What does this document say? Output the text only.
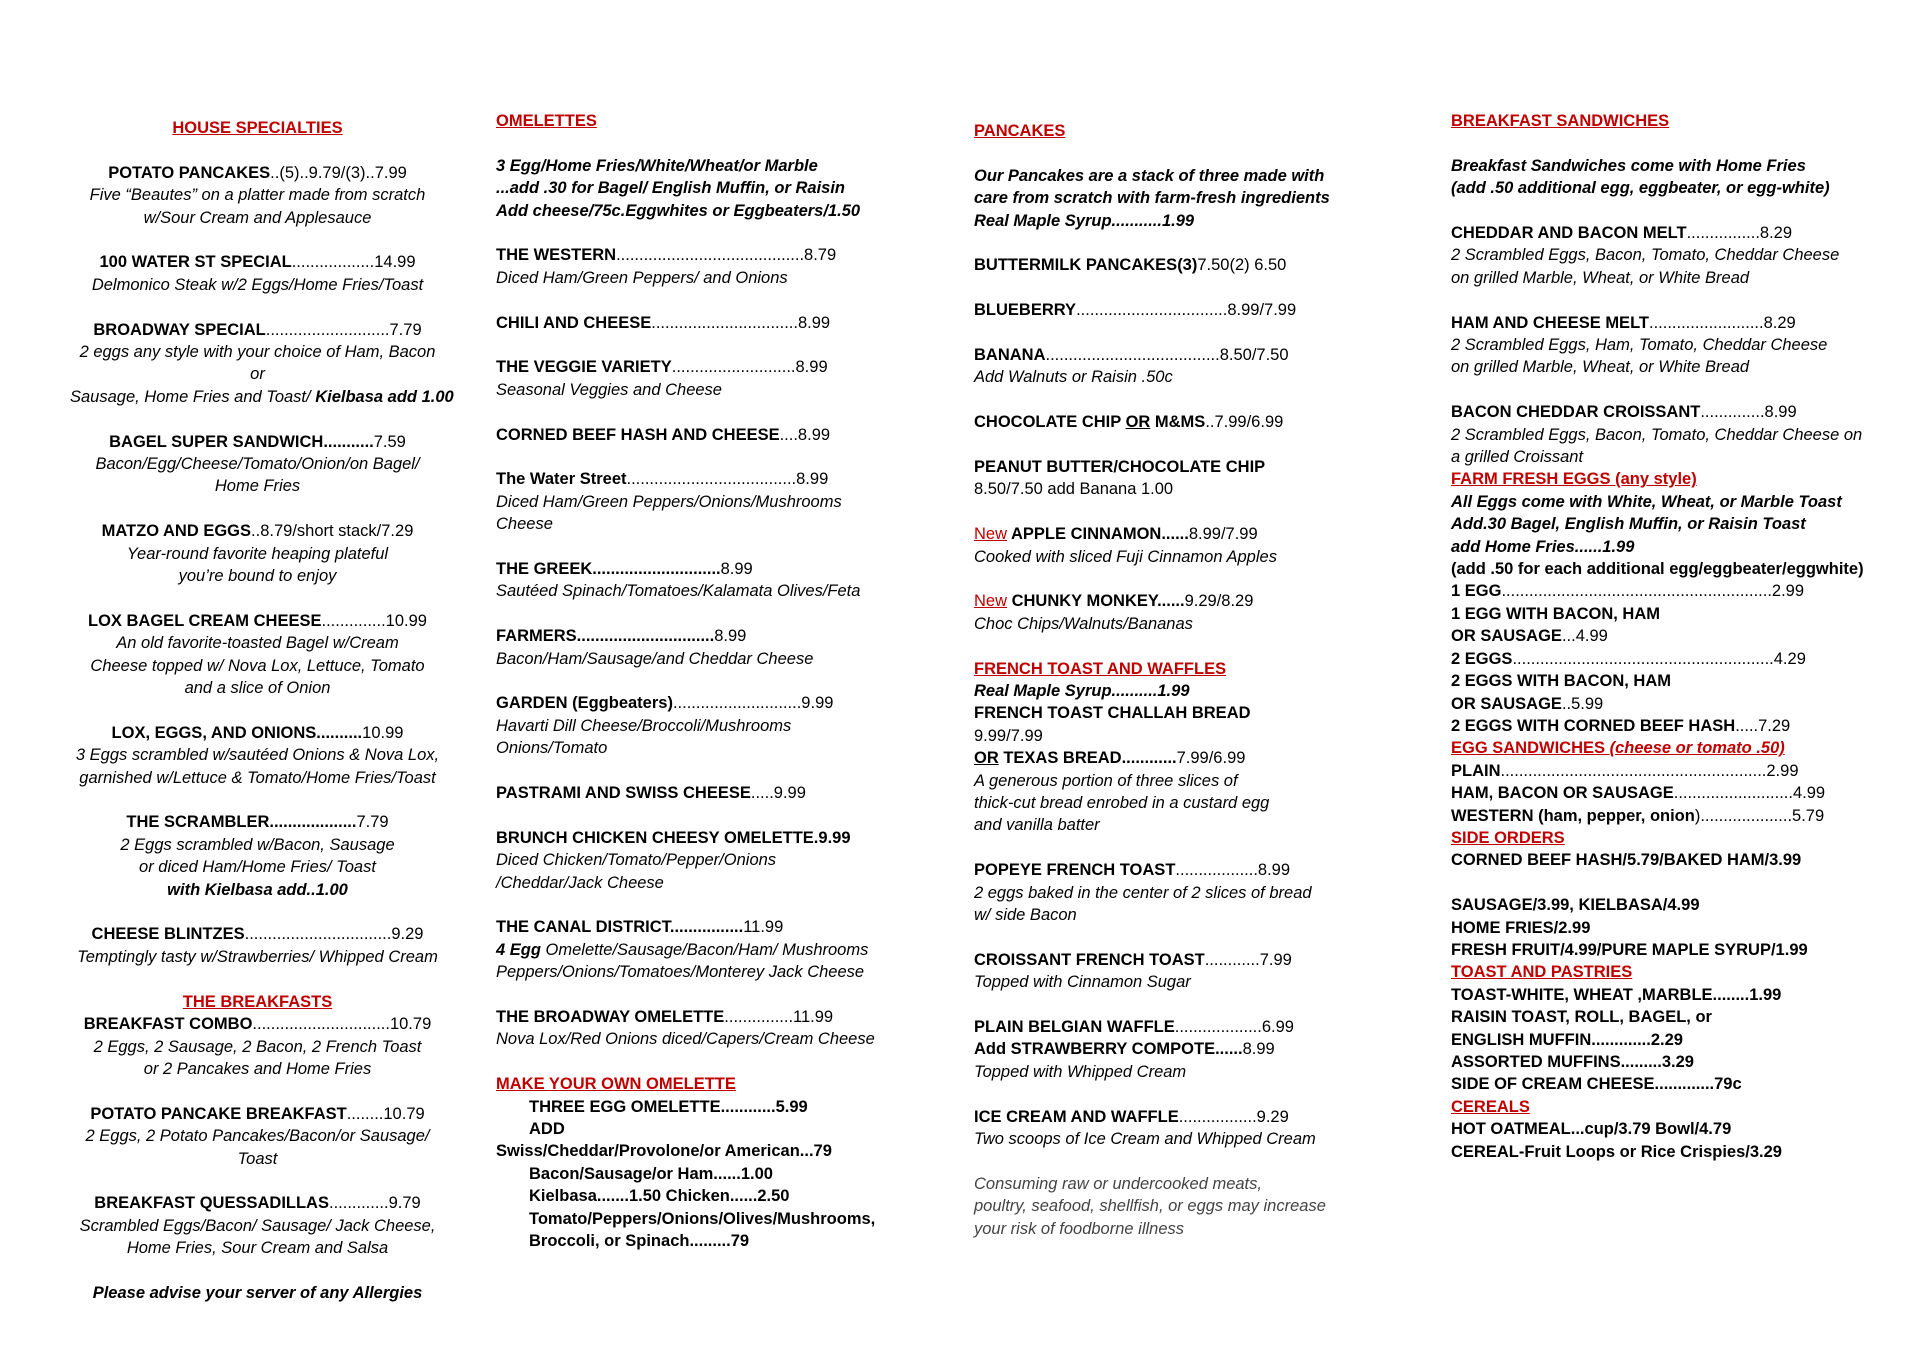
HOUSE SPECIALTIES
POTATO PANCAKES..(5)..9.79/(3)..7.99
Five “Beautes” on a platter made from scratch
w/Sour Cream and Applesauce
100 WATER ST SPECIAL..................14.99
Delmonico Steak w/2 Eggs/Home Fries/Toast
BROADWAY SPECIAL...........................7.79
2 eggs any style with your choice of Ham, Bacon or
Sausage, Home Fries and Toast/ Kielbasa add 1.00
BAGEL SUPER SANDWICH...........7.59
Bacon/Egg/Cheese/Tomato/Onion/on Bagel/
Home Fries
MATZO AND EGGS..8.79/short stack/7.29
Year-round favorite heaping plateful
you’re bound to enjoy
LOX BAGEL CREAM CHEESE..............10.99
An old favorite-toasted Bagel w/Cream
Cheese topped w/ Nova Lox, Lettuce, Tomato
and a slice of Onion
LOX, EGGS, AND ONIONS..........10.99
3 Eggs scrambled w/sautéed Onions & Nova Lox,
garnished w/Lettuce & Tomato/Home Fries/Toast
THE SCRAMBLER...................7.79
2 Eggs scrambled w/Bacon, Sausage
or diced Ham/Home Fries/ Toast
with Kielbasa add..1.00
CHEESE BLINTZES................................9.29
Temptingly tasty w/Strawberries/ Whipped Cream
THE BREAKFASTS
BREAKFAST COMBO..............................10.79
2 Eggs, 2 Sausage, 2 Bacon, 2 French Toast
or 2 Pancakes and Home Fries
POTATO PANCAKE BREAKFAST........10.79
2 Eggs, 2 Potato Pancakes/Bacon/or Sausage/ Toast
BREAKFAST QUESSADILLAS.............9.79
Scrambled Eggs/Bacon/ Sausage/ Jack Cheese,
Home Fries, Sour Cream and Salsa
Please advise your server of any Allergies
OMELETTES
3 Egg/Home Fries/White/Wheat/or Marble
...add .30 for Bagel/ English Muffin, or Raisin
Add cheese/75c.Eggwhites or Eggbeaters/1.50
THE WESTERN.........................................8.79
Diced Ham/Green Peppers/ and Onions
CHILI AND CHEESE................................8.99
THE VEGGIE VARIETY...........................8.99
Seasonal Veggies and Cheese
CORNED BEEF HASH AND CHEESE....8.99
The Water Street.....................................8.99
Diced Ham/Green Peppers/Onions/Mushrooms
Cheese
THE GREEK............................8.99
Sautéed Spinach/Tomatoes/Kalamata Olives/Feta
FARMERS..............................8.99
Bacon/Ham/Sausage/and Cheddar Cheese
GARDEN (Eggbeaters)............................9.99
Havarti Dill Cheese/Broccoli/Mushrooms
Onions/Tomato
PASTRAMI AND SWISS CHEESE.....9.99
BRUNCH CHICKEN CHEESY OMELETTE.9.99
Diced Chicken/Tomato/Pepper/Onions
/Cheddar/Jack Cheese
THE CANAL DISTRICT................11.99
4 Egg Omelette/Sausage/Bacon/Ham/ Mushrooms
Peppers/Onions/Tomatoes/Monterey Jack Cheese
THE BROADWAY OMELETTE...............11.99
Nova Lox/Red Onions diced/Capers/Cream Cheese
MAKE YOUR OWN OMELETTE
THREE EGG OMELETTE............5.99
ADD
Swiss/Cheddar/Provolone/or American...79
Bacon/Sausage/or Ham......1.00
Kielbasa.......1.50 Chicken......2.50
Tomato/Peppers/Onions/Olives/Mushrooms,
Broccoli, or Spinach.........79
PANCAKES
Our Pancakes are a stack of three made with
care from scratch with farm-fresh ingredients
Real Maple Syrup...........1.99
BUTTERMILK PANCAKES(3)7.50(2) 6.50
BLUEBERRY.................................8.99/7.99
BANANA......................................8.50/7.50
Add Walnuts or Raisin .50c
CHOCOLATE CHIP OR M&MS..7.99/6.99
PEANUT BUTTER/CHOCOLATE CHIP
8.50/7.50 add Banana 1.00
New APPLE CINNAMON......8.99/7.99
Cooked with sliced Fuji Cinnamon Apples
New CHUNKY MONKEY......9.29/8.29
Choc Chips/Walnuts/Bananas
FRENCH TOAST AND WAFFLES
Real Maple Syrup..........1.99
FRENCH TOAST CHALLAH BREAD
9.99/7.99
OR TEXAS BREAD............7.99/6.99
A generous portion of three slices of
thick-cut bread enrobed in a custard egg
and vanilla batter
POPEYE FRENCH TOAST..................8.99
2 eggs baked in the center of 2 slices of bread
w/ side Bacon
CROISSANT FRENCH TOAST............7.99
Topped with Cinnamon Sugar
PLAIN BELGIAN WAFFLE...................6.99
Add STRAWBERRY COMPOTE......8.99
Topped with Whipped Cream
ICE CREAM AND WAFFLE.................9.29
Two scoops of Ice Cream and Whipped Cream
Consuming raw or undercooked meats,
poultry, seafood, shellfish, or eggs may increase
your risk of foodborne illness
BREAKFAST SANDWICHES
Breakfast Sandwiches come with Home Fries
(add .50 additional egg, eggbeater, or egg-white)
CHEDDAR AND BACON MELT................8.29
2 Scrambled Eggs, Bacon, Tomato, Cheddar Cheese
on grilled Marble, Wheat, or White Bread
HAM AND CHEESE MELT.........................8.29
2 Scrambled Eggs, Ham, Tomato, Cheddar Cheese
on grilled Marble, Wheat, or White Bread
BACON CHEDDAR CROISSANT..............8.99
2 Scrambled Eggs, Bacon, Tomato, Cheddar Cheese on
a grilled Croissant
FARM FRESH EGGS (any style)
All Eggs come with White, Wheat, or Marble Toast
Add.30 Bagel, English Muffin, or Raisin Toast
add Home Fries......1.99
(add .50 for each additional egg/eggbeater/eggwhite)
1 EGG...........................................................2.99
1 EGG WITH BACON, HAM
OR SAUSAGE...4.99
2 EGGS.........................................................4.29
2 EGGS WITH BACON, HAM
OR SAUSAGE..5.99
2 EGGS WITH CORNED BEEF HASH.....7.29
EGG SANDWICHES (cheese or tomato .50)
PLAIN..........................................................2.99
HAM, BACON OR SAUSAGE..........................4.99
WESTERN (ham, pepper, onion)....................5.79
SIDE ORDERS
CORNED BEEF HASH/5.79/BAKED HAM/3.99
SAUSAGE/3.99, KIELBASA/4.99
HOME FRIES/2.99
FRESH FRUIT/4.99/PURE MAPLE SYRUP/1.99
TOAST AND PASTRIES
TOAST-WHITE, WHEAT ,MARBLE........1.99
RAISIN TOAST, ROLL, BAGEL, or
ENGLISH MUFFIN.............2.29
ASSORTED MUFFINS.........3.29
SIDE OF CREAM CHEESE.............79c
CEREALS
HOT OATMEAL...cup/3.79 Bowl/4.79
CEREAL-Fruit Loops or Rice Crispies/3.29
